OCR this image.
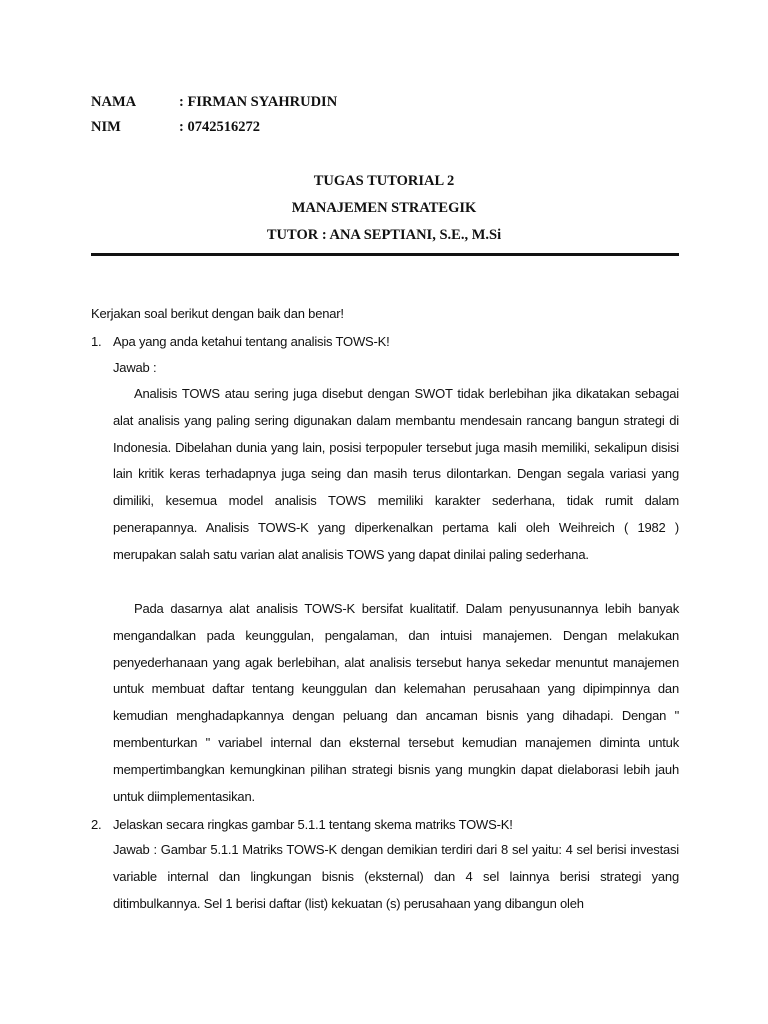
NAMA	: FIRMAN SYAHRUDIN
NIM	: 0742516272
TUGAS TUTORIAL 2
MANAJEMEN STRATEGIK
TUTOR : ANA SEPTIANI, S.E., M.Si
Kerjakan soal berikut dengan baik dan benar!
1. Apa yang anda ketahui tentang analisis TOWS-K!
Jawab :
Analisis TOWS atau sering juga disebut dengan SWOT tidak berlebihan jika dikatakan sebagai alat analisis yang paling sering digunakan dalam membantu mendesain rancang bangun strategi di Indonesia. Dibelahan dunia yang lain, posisi terpopuler tersebut juga masih memiliki, sekalipun disisi lain kritik keras terhadapnya juga seing dan masih terus dilontarkan. Dengan segala variasi yang dimiliki, kesemua model analisis TOWS memiliki karakter sederhana, tidak rumit dalam penerapannya. Analisis TOWS-K yang diperkenalkan pertama kali oleh Weihreich ( 1982 ) merupakan salah satu varian alat analisis TOWS yang dapat dinilai paling sederhana.
Pada dasarnya alat analisis TOWS-K bersifat kualitatif. Dalam penyusunannya lebih banyak mengandalkan pada keunggulan, pengalaman, dan intuisi manajemen. Dengan melakukan penyederhanaan yang agak berlebihan, alat analisis tersebut hanya sekedar menuntut manajemen untuk membuat daftar tentang keunggulan dan kelemahan perusahaan yang dipimpinnya dan kemudian menghadapkannya dengan peluang dan ancaman bisnis yang dihadapi. Dengan " membenturkan " variabel internal dan eksternal tersebut kemudian manajemen diminta untuk mempertimbangkan kemungkinan pilihan strategi bisnis yang mungkin dapat dielaborasi lebih jauh untuk diimplementasikan.
2. Jelaskan secara ringkas gambar 5.1.1 tentang skema matriks TOWS-K!
Jawab : Gambar 5.1.1 Matriks TOWS-K dengan demikian terdiri dari 8 sel yaitu: 4 sel berisi investasi variable internal dan lingkungan bisnis (eksternal) dan 4 sel lainnya berisi strategi yang ditimbulkannya. Sel 1 berisi daftar (list) kekuatan (s) perusahaan yang dibangun oleh
